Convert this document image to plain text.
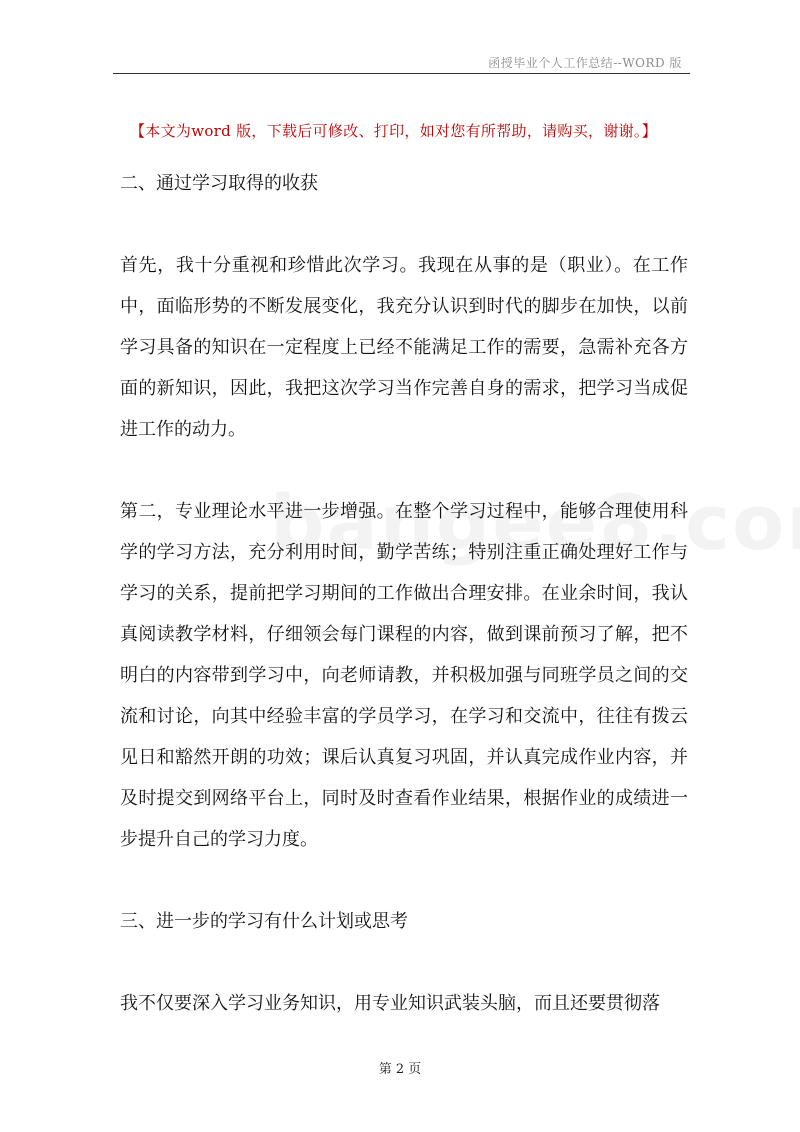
函授毕业个人工作总结--WORD 版
【本文为word 版，下载后可修改、打印，如对您有所帮助，请购买，谢谢。】

二、通过学习取得的收获

首先，我十分重视和珍惜此次学习。我现在从事的是（职业）。在工作中，面临形势的不断发展变化，我充分认识到时代的脚步在加快，以前学习具备的知识在一定程度上已经不能满足工作的需要，急需补充各方面的新知识，因此，我把这次学习当作完善自身的需求，把学习当成促进工作的动力。

第二，专业理论水平进一步增强。在整个学习过程中，能够合理使用科学的学习方法，充分利用时间，勤学苦练；特别注重正确处理好工作与学习的关系，提前把学习期间的工作做出合理安排。在业余时间，我认真阅读教学材料，仔细领会每门课程的内容，做到课前预习了解，把不明白的内容带到学习中，向老师请教，并积极加强与同班学员之间的交流和讨论，向其中经验丰富的学员学习，在学习和交流中，往往有拨云见日和豁然开朗的功效；课后认真复习巩固，并认真完成作业内容，并及时提交到网络平台上，同时及时查看作业结果，根据作业的成绩进一步提升自己的学习力度。

三、进一步的学习有什么计划或思考

我不仅要深入学习业务知识，用专业知识武装头脑，而且还要贯彻落

第 2 页
